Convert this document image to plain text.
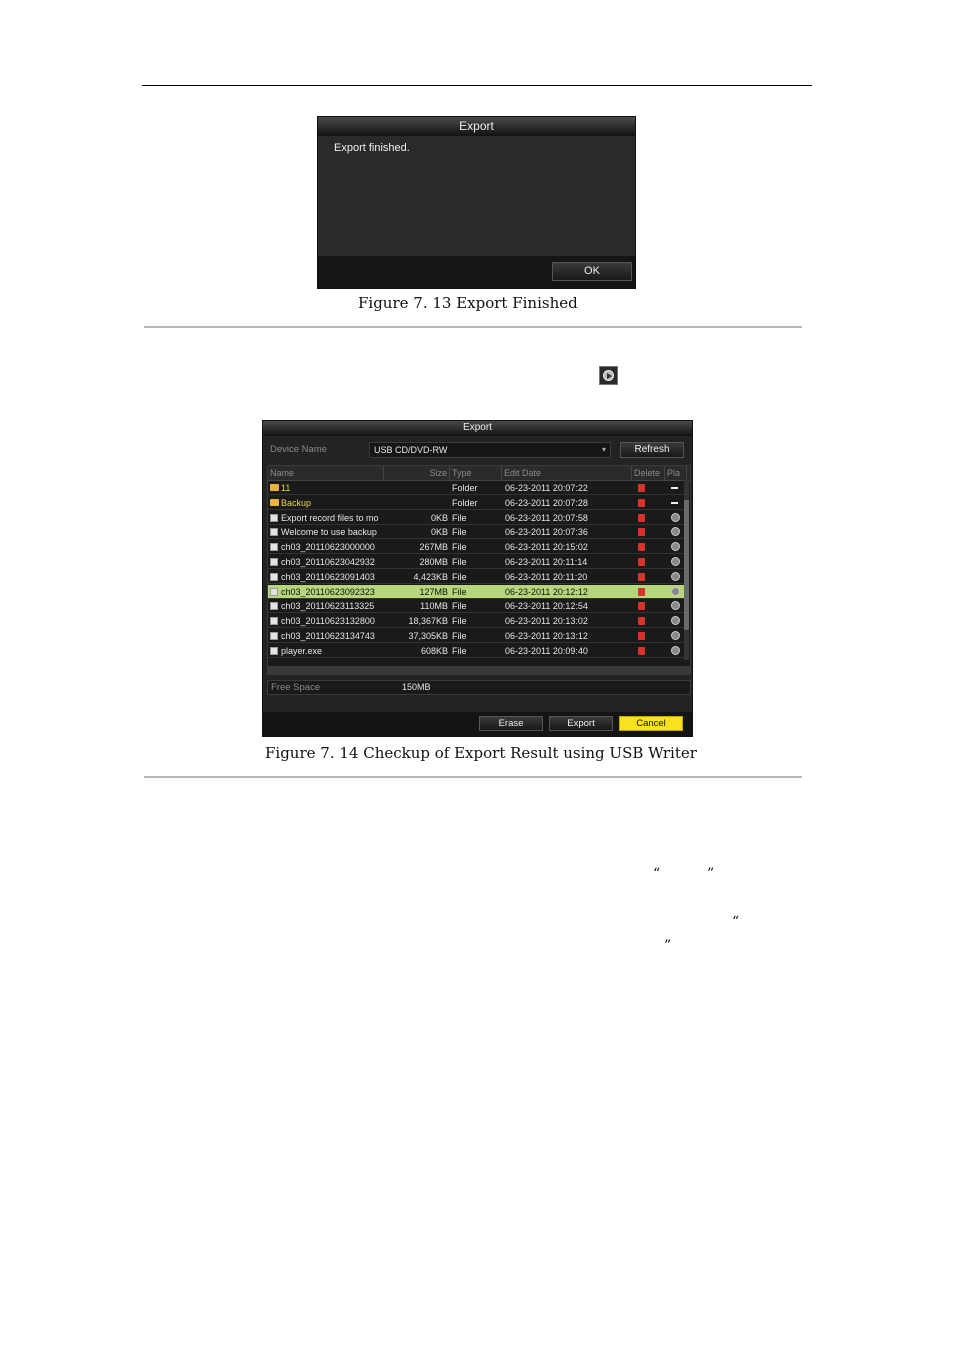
Export
Export finished.
OK
Figure 7. 13 Export Finished
Export
Device Name	USB CD/DVD-RW	▾	Refresh
Name	Size Type	Edit Date	Delete Pla
11	Folder	06-23-2011 20:07:22
Backup	Folder	06-23-2011 20:07:28
Export record files to mo	0KB File	06-23-2011 20:07:58
Welcome to use backup	0KB File	06-23-2011 20:07:36
ch03_20110623000000	267MB File	06-23-2011 20:15:02
ch03_20110623042932	280MB File	06-23-2011 20:11:14
ch03_20110623091403	4,423KB File	06-23-2011 20:11:20
ch03_20110623092323	127MB File	06-23-2011 20:12:12
ch03_20110623113325	110MB File	06-23-2011 20:12:54
ch03_20110623132800	18,367KB File	06-23-2011 20:13:02
ch03_20110623134743	37,305KB File	06-23-2011 20:13:12
player.exe	608KB File	06-23-2011 20:09:40
Free Space	150MB
Erase	Export	Cancel
Figure 7. 14 Checkup of Export Result using USB Writer
“	”
“
”
